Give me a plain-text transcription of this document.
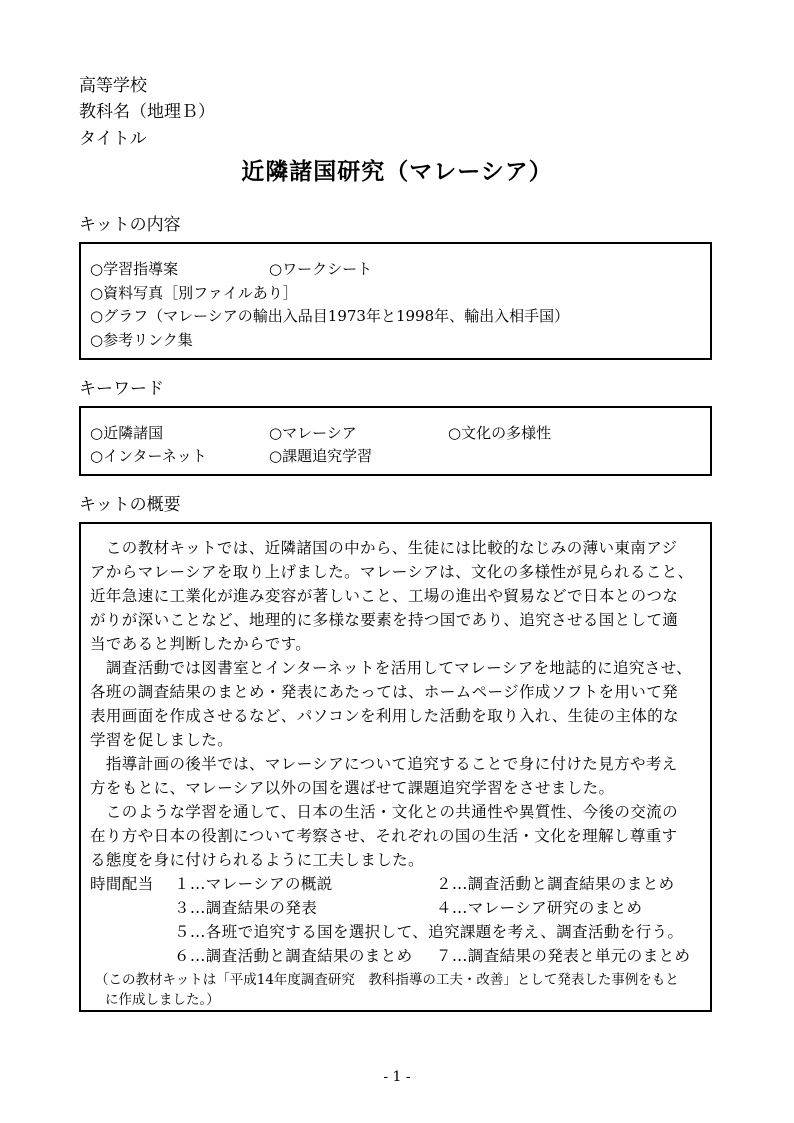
高等学校
教科名（地理Ｂ）
タイトル
近隣諸国研究（マレーシア）
キットの内容
○学習指導案	○ワークシート
○資料写真［別ファイルあり］
○グラフ（マレーシアの輸出入品目1973年と1998年、輸出入相手国）
○参考リンク集
キーワード
○近隣諸国	○マレーシア	○文化の多様性
○インターネット	○課題追究学習
キットの概要
　この教材キットでは、近隣諸国の中から、生徒には比較的なじみの薄い東南アジ
アからマレーシアを取り上げました。マレーシアは、文化の多様性が見られること、
近年急速に工業化が進み変容が著しいこと、工場の進出や貿易などで日本とのつな
がりが深いことなど、地理的に多様な要素を持つ国であり、追究させる国として適
当であると判断したからです。
　調査活動では図書室とインターネットを活用してマレーシアを地誌的に追究させ、
各班の調査結果のまとめ・発表にあたっては、ホームページ作成ソフトを用いて発
表用画面を作成させるなど、パソコンを利用した活動を取り入れ、生徒の主体的な
学習を促しました。
　指導計画の後半では、マレーシアについて追究することで身に付けた見方や考え
方をもとに、マレーシア以外の国を選ばせて課題追究学習をさせました。
　このような学習を通して、日本の生活・文化との共通性や異質性、今後の交流の
在り方や日本の役割について考察させ、それぞれの国の生活・文化を理解し尊重す
る態度を身に付けられるように工夫しました。
時間配当 １…マレーシアの概説	２…調査活動と調査結果のまとめ
３…調査結果の発表	４…マレーシア研究のまとめ
５…各班で追究する国を選択して、追究課題を考え、調査活動を行う。
６…調査活動と調査結果のまとめ ７…調査結果の発表と単元のまとめ
（この教材キットは「平成14年度調査研究　教科指導の工夫・改善」として発表した事例をもと
に作成しました。）
- 1 -
